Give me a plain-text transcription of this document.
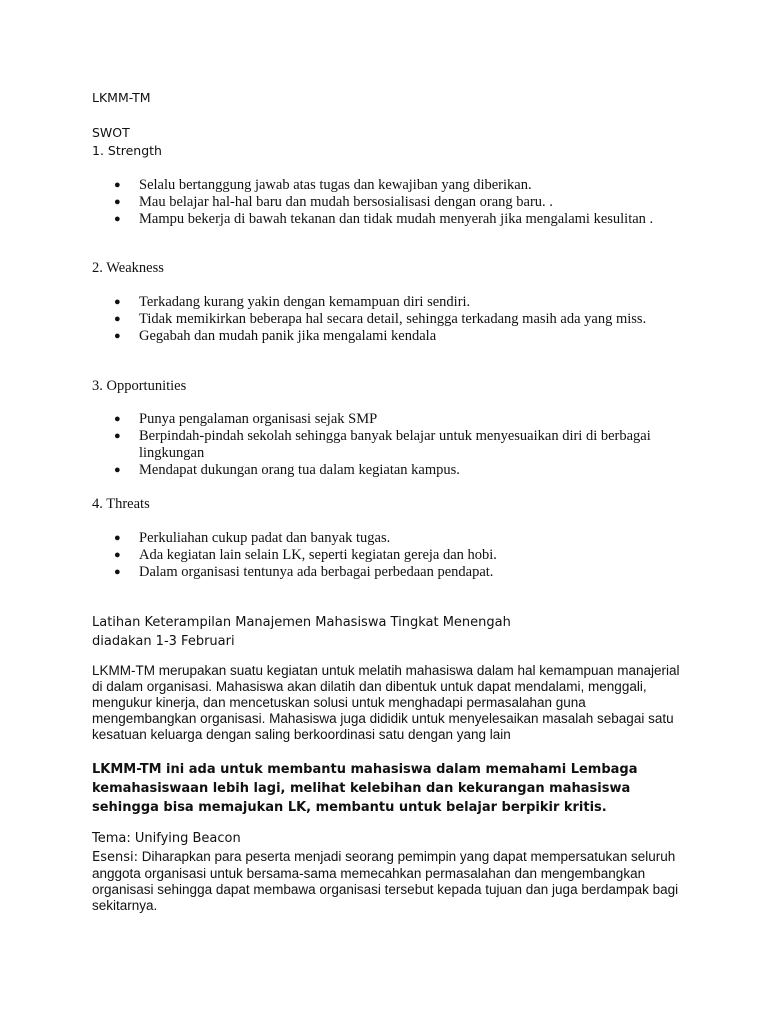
LKMM-TM
SWOT
1. Strength
● Selalu bertanggung jawab atas tugas dan kewajiban yang diberikan.
● Mau belajar hal-hal baru dan mudah bersosialisasi dengan orang baru. .
● Mampu bekerja di bawah tekanan dan tidak mudah menyerah jika mengalami kesulitan .
2. Weakness
● Terkadang kurang yakin dengan kemampuan diri sendiri.
● Tidak memikirkan beberapa hal secara detail, sehingga terkadang masih ada yang miss.
● Gegabah dan mudah panik jika mengalami kendala
3. Opportunities
● Punya pengalaman organisasi sejak SMP
● Berpindah-pindah sekolah sehingga banyak belajar untuk menyesuaikan diri di berbagai lingkungan
● Mendapat dukungan orang tua dalam kegiatan kampus.
4. Threats
● Perkuliahan cukup padat dan banyak tugas.
● Ada kegiatan lain selain LK, seperti kegiatan gereja dan hobi.
● Dalam organisasi tentunya ada berbagai perbedaan pendapat.
Latihan Keterampilan Manajemen Mahasiswa Tingkat Menengah
diadakan 1-3 Februari
LKMM-TM merupakan suatu kegiatan untuk melatih mahasiswa dalam hal kemampuan manajerial di dalam organisasi. Mahasiswa akan dilatih dan dibentuk untuk dapat mendalami, menggali, mengukur kinerja, dan mencetuskan solusi untuk menghadapi permasalahan guna mengembangkan organisasi. Mahasiswa juga dididik untuk menyelesaikan masalah sebagai satu kesatuan keluarga dengan saling berkoordinasi satu dengan yang lain
LKMM-TM ini ada untuk membantu mahasiswa dalam memahami Lembaga kemahasiswaan lebih lagi, melihat kelebihan dan kekurangan mahasiswa sehingga bisa memajukan LK, membantu untuk belajar berpikir kritis.
Tema: Unifying Beacon
Esensi: Diharapkan para peserta menjadi seorang pemimpin yang dapat mempersatukan seluruh anggota organisasi untuk bersama-sama memecahkan permasalahan dan mengembangkan organisasi sehingga dapat membawa organisasi tersebut kepada tujuan dan juga berdampak bagi sekitarnya.
